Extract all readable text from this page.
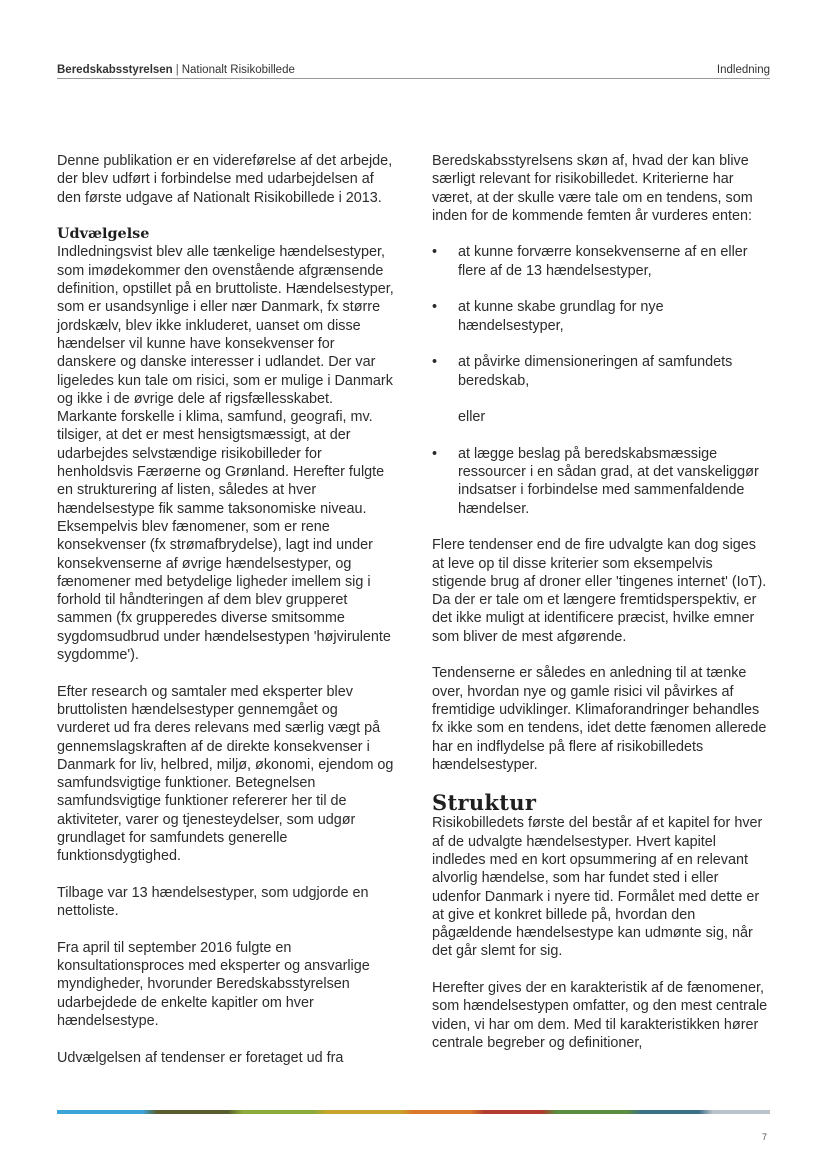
Beredskabsstyrelsen | Nationalt Risikobillede	Indledning

Denne publikation er en videreførelse af det arbejde, der blev udført i forbindelse med udarbejdelsen af den første udgave af Nationalt Risikobillede i 2013.

Udvælgelse

Indledningsvist blev alle tænkelige hændelsestyper, som imødekommer den ovenstående afgrænsende definition, opstillet på en bruttoliste. Hændelsestyper, som er usandsynlige i eller nær Danmark, fx større jordskælv, blev ikke inkluderet, uanset om disse hændelser vil kunne have konsekvenser for danskere og danske interesser i udlandet. Der var ligeledes kun tale om risici, som er mulige i Danmark og ikke i de øvrige dele af rigsfællesskabet. Markante forskelle i klima, samfund, geografi, mv. tilsiger, at det er mest hensigtsmæssigt, at der udarbejdes selvstændige risikobilleder for henholdsvis Færøerne og Grønland. Herefter fulgte en strukturering af listen, således at hver hændelsestype fik samme taksonomiske niveau. Eksempelvis blev fænomener, som er rene konsekvenser (fx strømafbrydelse), lagt ind under konsekvenserne af øvrige hændelsestyper, og fænomener med betydelige ligheder imellem sig i forhold til håndteringen af dem blev grupperet sammen (fx grupperedes diverse smitsomme sygdomsudbrud under hændelsestypen 'højvirulente sygdomme').

Efter research og samtaler med eksperter blev bruttolisten hændelsestyper gennemgået og vurderet ud fra deres relevans med særlig vægt på gennemslagskraften af de direkte konsekvenser i Danmark for liv, helbred, miljø, økonomi, ejendom og samfundsvigtige funktioner. Betegnelsen samfundsvigtige funktioner refererer her til de aktiviteter, varer og tjenesteydelser, som udgør grundlaget for samfundets generelle funktionsdygtighed.

Tilbage var 13 hændelsestyper, som udgjorde en nettoliste.

Fra april til september 2016 fulgte en konsultationsproces med eksperter og ansvarlige myndigheder, hvorunder Beredskabsstyrelsen udarbejdede de enkelte kapitler om hver hændelsestype.

Udvælgelsen af tendenser er foretaget ud fra

Beredskabsstyrelsens skøn af, hvad der kan blive særligt relevant for risikobilledet. Kriterierne har været, at der skulle være tale om en tendens, som inden for de kommende femten år vurderes enten:

• at kunne forværre konsekvenserne af en eller flere af de 13 hændelsestyper,
• at kunne skabe grundlag for nye hændelsestyper,
• at påvirke dimensioneringen af samfundets beredskab,

eller

• at lægge beslag på beredskabsmæssige ressourcer i en sådan grad, at det vanskeliggør indsatser i forbindelse med sammenfaldende hændelser.

Flere tendenser end de fire udvalgte kan dog siges at leve op til disse kriterier som eksempelvis stigende brug af droner eller 'tingenes internet' (IoT). Da der er tale om et længere fremtidsperspektiv, er det ikke muligt at identificere præcist, hvilke emner som bliver de mest afgørende.

Tendenserne er således en anledning til at tænke over, hvordan nye og gamle risici vil påvirkes af fremtidige udviklinger. Klimaforandringer behandles fx ikke som en tendens, idet dette fænomen allerede har en indflydelse på flere af risikobilledets hændelsestyper.

Struktur

Risikobilledets første del består af et kapitel for hver af de udvalgte hændelsestyper. Hvert kapitel indledes med en kort opsummering af en relevant alvorlig hændelse, som har fundet sted i eller udenfor Danmark i nyere tid. Formålet med dette er at give et konkret billede på, hvordan den pågældende hændelsestype kan udmønte sig, når det går slemt for sig.

Herefter gives der en karakteristik af de fænomener, som hændelsestypen omfatter, og den mest centrale viden, vi har om dem. Med til karakteristikken hører centrale begreber og definitioner,

7
